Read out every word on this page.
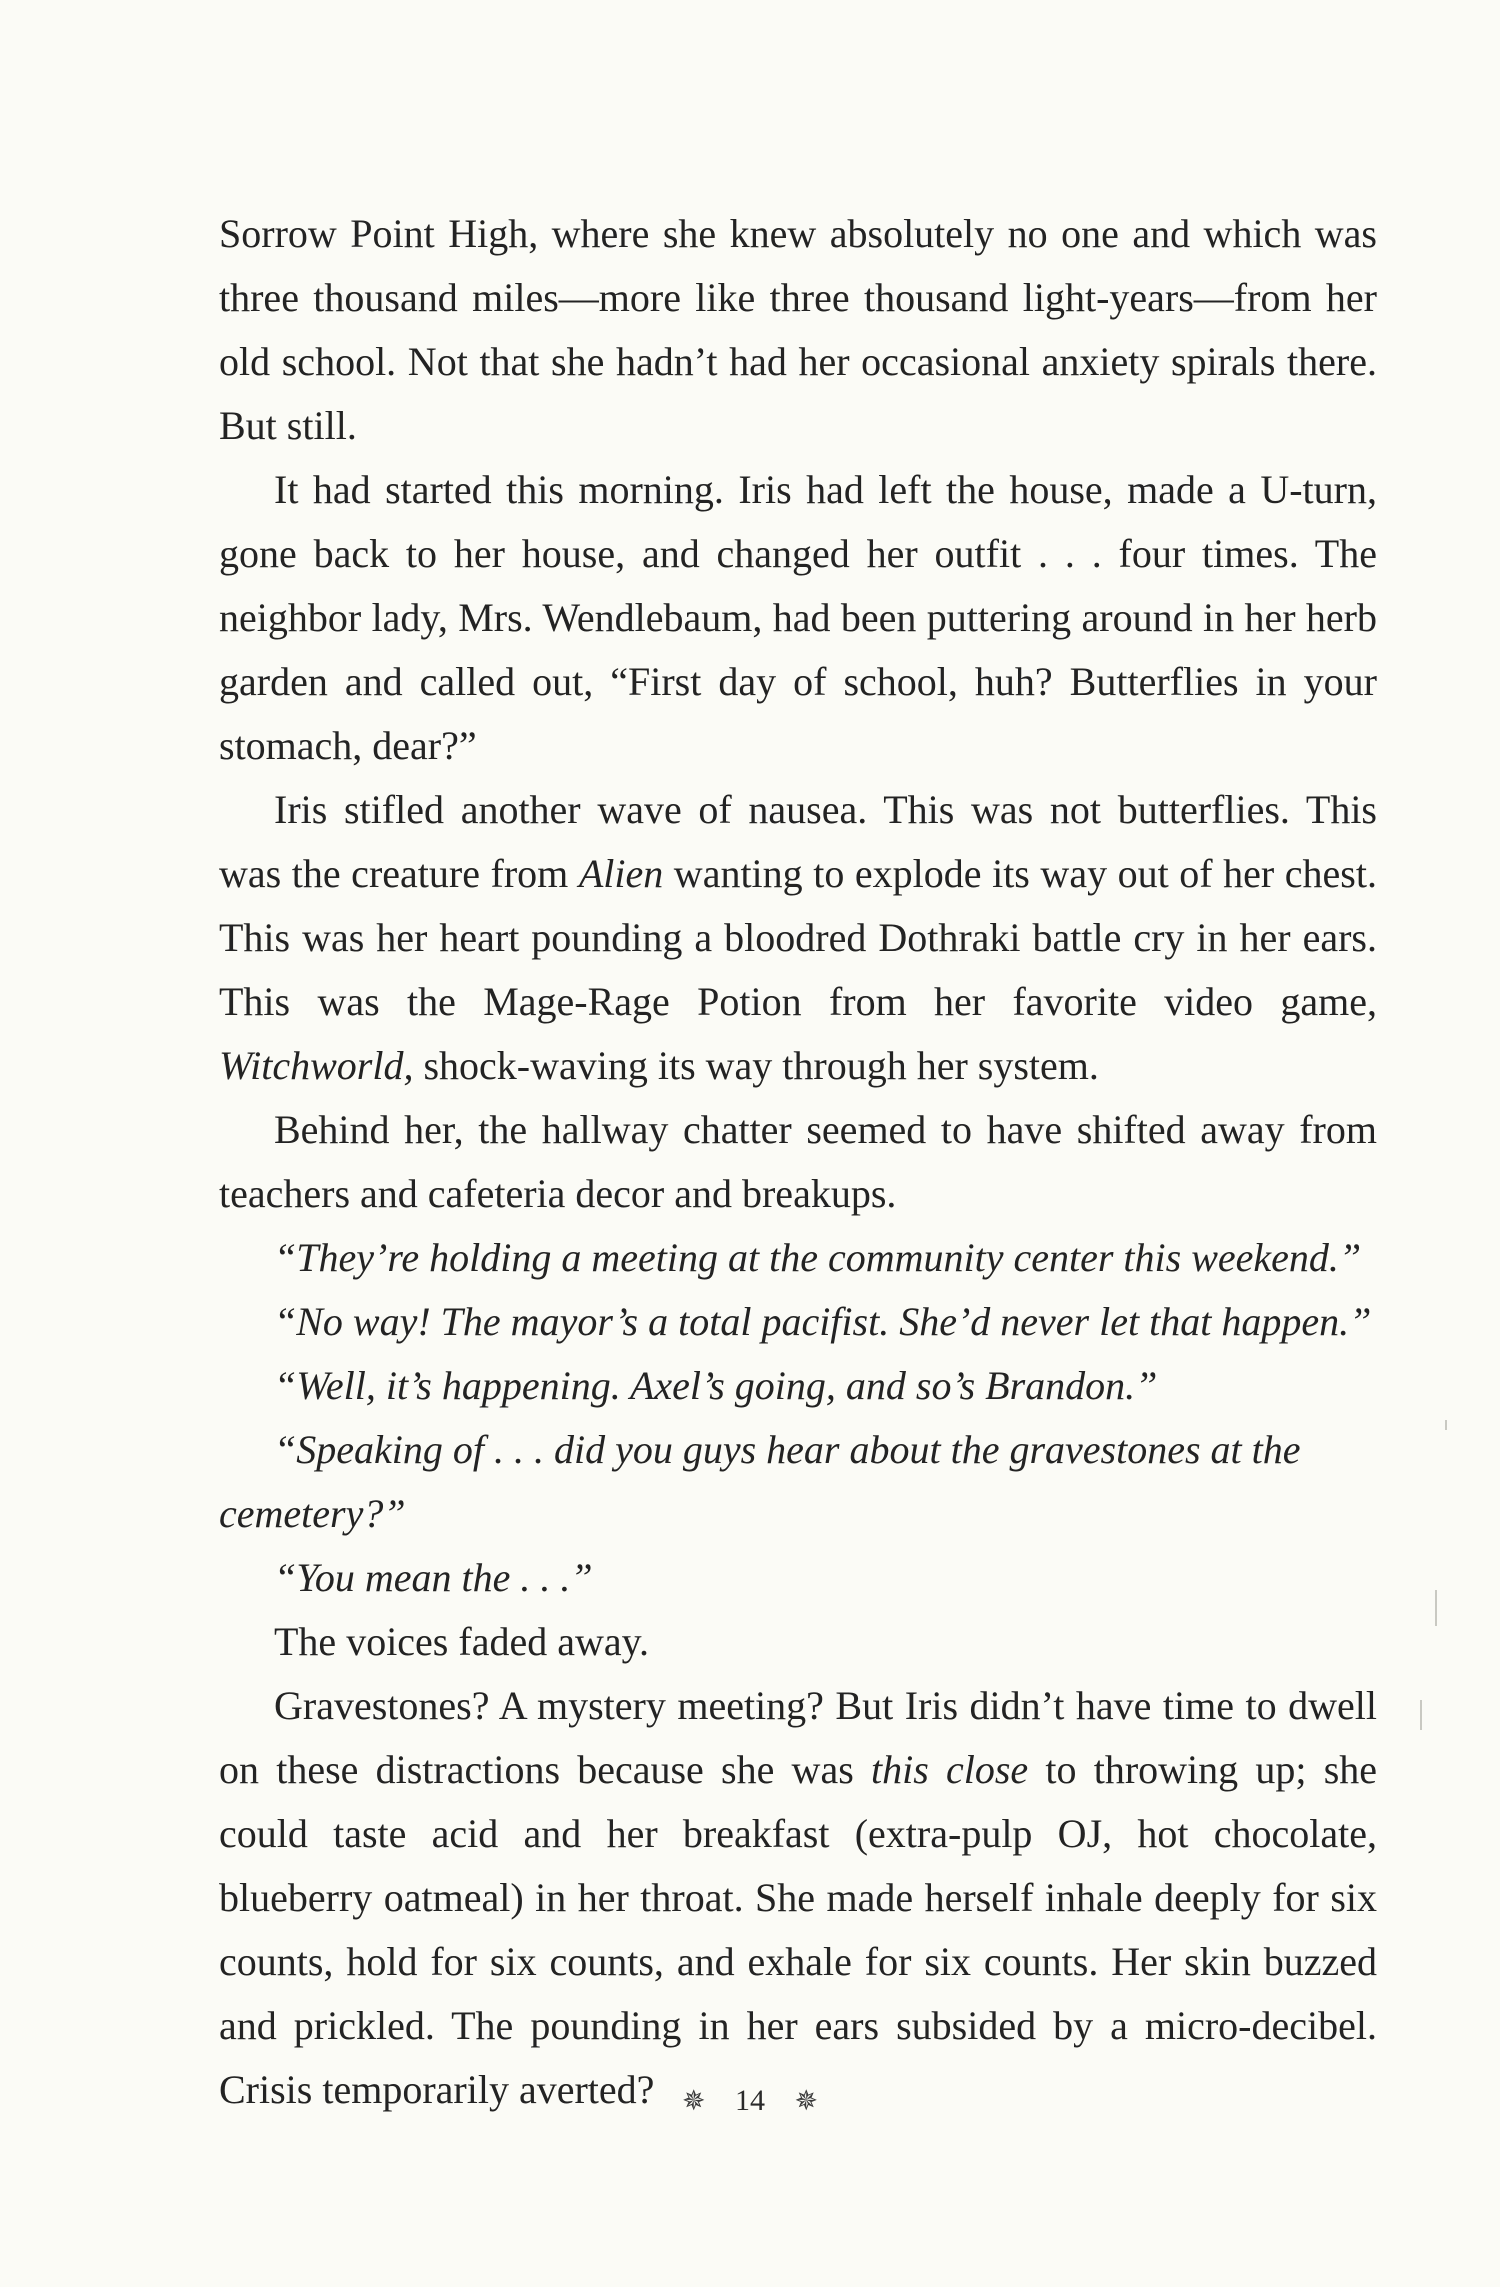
Sorrow Point High, where she knew absolutely no one and which was three thousand miles—more like three thousand light-years—from her old school. Not that she hadn’t had her occasional anxiety spirals there. But still.

It had started this morning. Iris had left the house, made a U-turn, gone back to her house, and changed her outfit . . . four times. The neighbor lady, Mrs. Wendlebaum, had been puttering around in her herb garden and called out, “First day of school, huh? Butterflies in your stomach, dear?”

Iris stifled another wave of nausea. This was not butterflies. This was the creature from Alien wanting to explode its way out of her chest. This was her heart pounding a bloodred Dothraki battle cry in her ears. This was the Mage-Rage Potion from her favorite video game, Witchworld, shock-waving its way through her system.

Behind her, the hallway chatter seemed to have shifted away from teachers and cafeteria decor and breakups.

“They’re holding a meeting at the community center this weekend.”

“No way! The mayor’s a total pacifist. She’d never let that happen.”

“Well, it’s happening. Axel’s going, and so’s Brandon.”

“Speaking of . . . did you guys hear about the gravestones at the cemetery?”

“You mean the . . .”

The voices faded away.

Gravestones? A mystery meeting? But Iris didn’t have time to dwell on these distractions because she was this close to throwing up; she could taste acid and her breakfast (extra-pulp OJ, hot chocolate, blueberry oatmeal) in her throat. She made herself inhale deeply for six counts, hold for six counts, and exhale for six counts. Her skin buzzed and prickled. The pounding in her ears subsided by a micro-decibel. Crisis temporarily averted? ✵ 14 ✵
